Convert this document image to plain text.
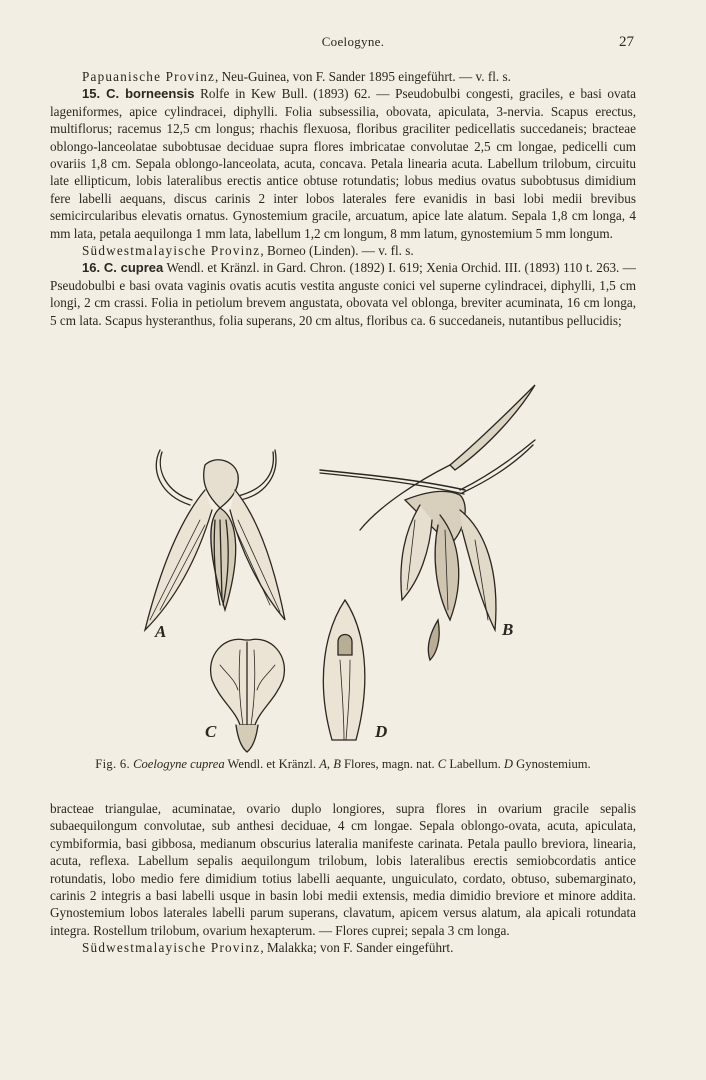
Coelogyne.	27

Papuanische Provinz, Neu-Guinea, von F. Sander 1895 eingeführt. — v. fl. s.

15. C. borneensis Rolfe in Kew Bull. (1893) 62. — Pseudobulbi congesti, graciles, e basi ovata lageniformes, apice cylindracei, diphylli. Folia subsessilia, obovata, apiculata, 3-nervia. Scapus erectus, multiflorus; racemus 12,5 cm longus; rhachis flexuosa, floribus graciliter pedicellatis succedaneis; bracteae oblongo-lanceolatae subobtusae deciduae supra flores imbricatae convolutae 2,5 cm longae, pedicelli cum ovariis 1,8 cm. Sepala oblongo-lanceolata, acuta, concava. Petala linearia acuta. Labellum trilobum, circuitu late ellipticum, lobis lateralibus erectis antice obtuse rotundatis; lobus medius ovatus subobtusus dimidium fere labelli aequans, discus carinis 2 inter lobos laterales fere evanidis in basi lobi medii brevibus semicircularibus elevatis ornatus. Gynostemium gracile, arcuatum, apice late alatum. Sepala 1,8 cm longa, 4 mm lata, petala aequilonga 1 mm lata, labellum 1,2 cm longum, 8 mm latum, gynostemium 5 mm longum.

Südwestmalayische Provinz, Borneo (Linden). — v. fl. s.

16. C. cuprea Wendl. et Kränzl. in Gard. Chron. (1892) I. 619; Xenia Orchid. III. (1893) 110 t. 263. — Pseudobulbi e basi ovata vaginis ovatis acutis vestita anguste conici vel superne cylindracei, diphylli, 1,5 cm longi, 2 cm crassi. Folia in petiolum brevem angustata, obovata vel oblonga, breviter acuminata, 16 cm longa, 5 cm lata. Scapus hysteranthus, folia superans, 20 cm altus, floribus ca. 6 succedaneis, nutantibus pellucidis;

A	B
C	D
Fig. 6. Coelogyne cuprea Wendl. et Kränzl. A, B Flores, magn. nat. C Labellum. D Gynostemium.

bracteae triangulae, acuminatae, ovario duplo longiores, supra flores in ovarium gracile sepalis subaequilongum convolutae, sub anthesi deciduae, 4 cm longae. Sepala oblongo-ovata, acuta, apiculata, cymbiformia, basi gibbosa, medianum obscurius lateralia manifeste carinata. Petala paullo breviora, linearia, acuta, reflexa. Labellum sepalis aequilongum trilobum, lobis lateralibus erectis semiobcordatis antice rotundatis, lobo medio fere dimidium totius labelli aequante, unguiculato, cordato, obtuso, subemarginato, carinis 2 integris a basi labelli usque in basin lobi medii extensis, media dimidio breviore et minore addita. Gynostemium lobos laterales labelli parum superans, clavatum, apicem versus alatum, ala apicali rotundata integra. Rostellum trilobum, ovarium hexapterum. — Flores cuprei; sepala 3 cm longa.

Südwestmalayische Provinz, Malakka; von F. Sander eingeführt.
